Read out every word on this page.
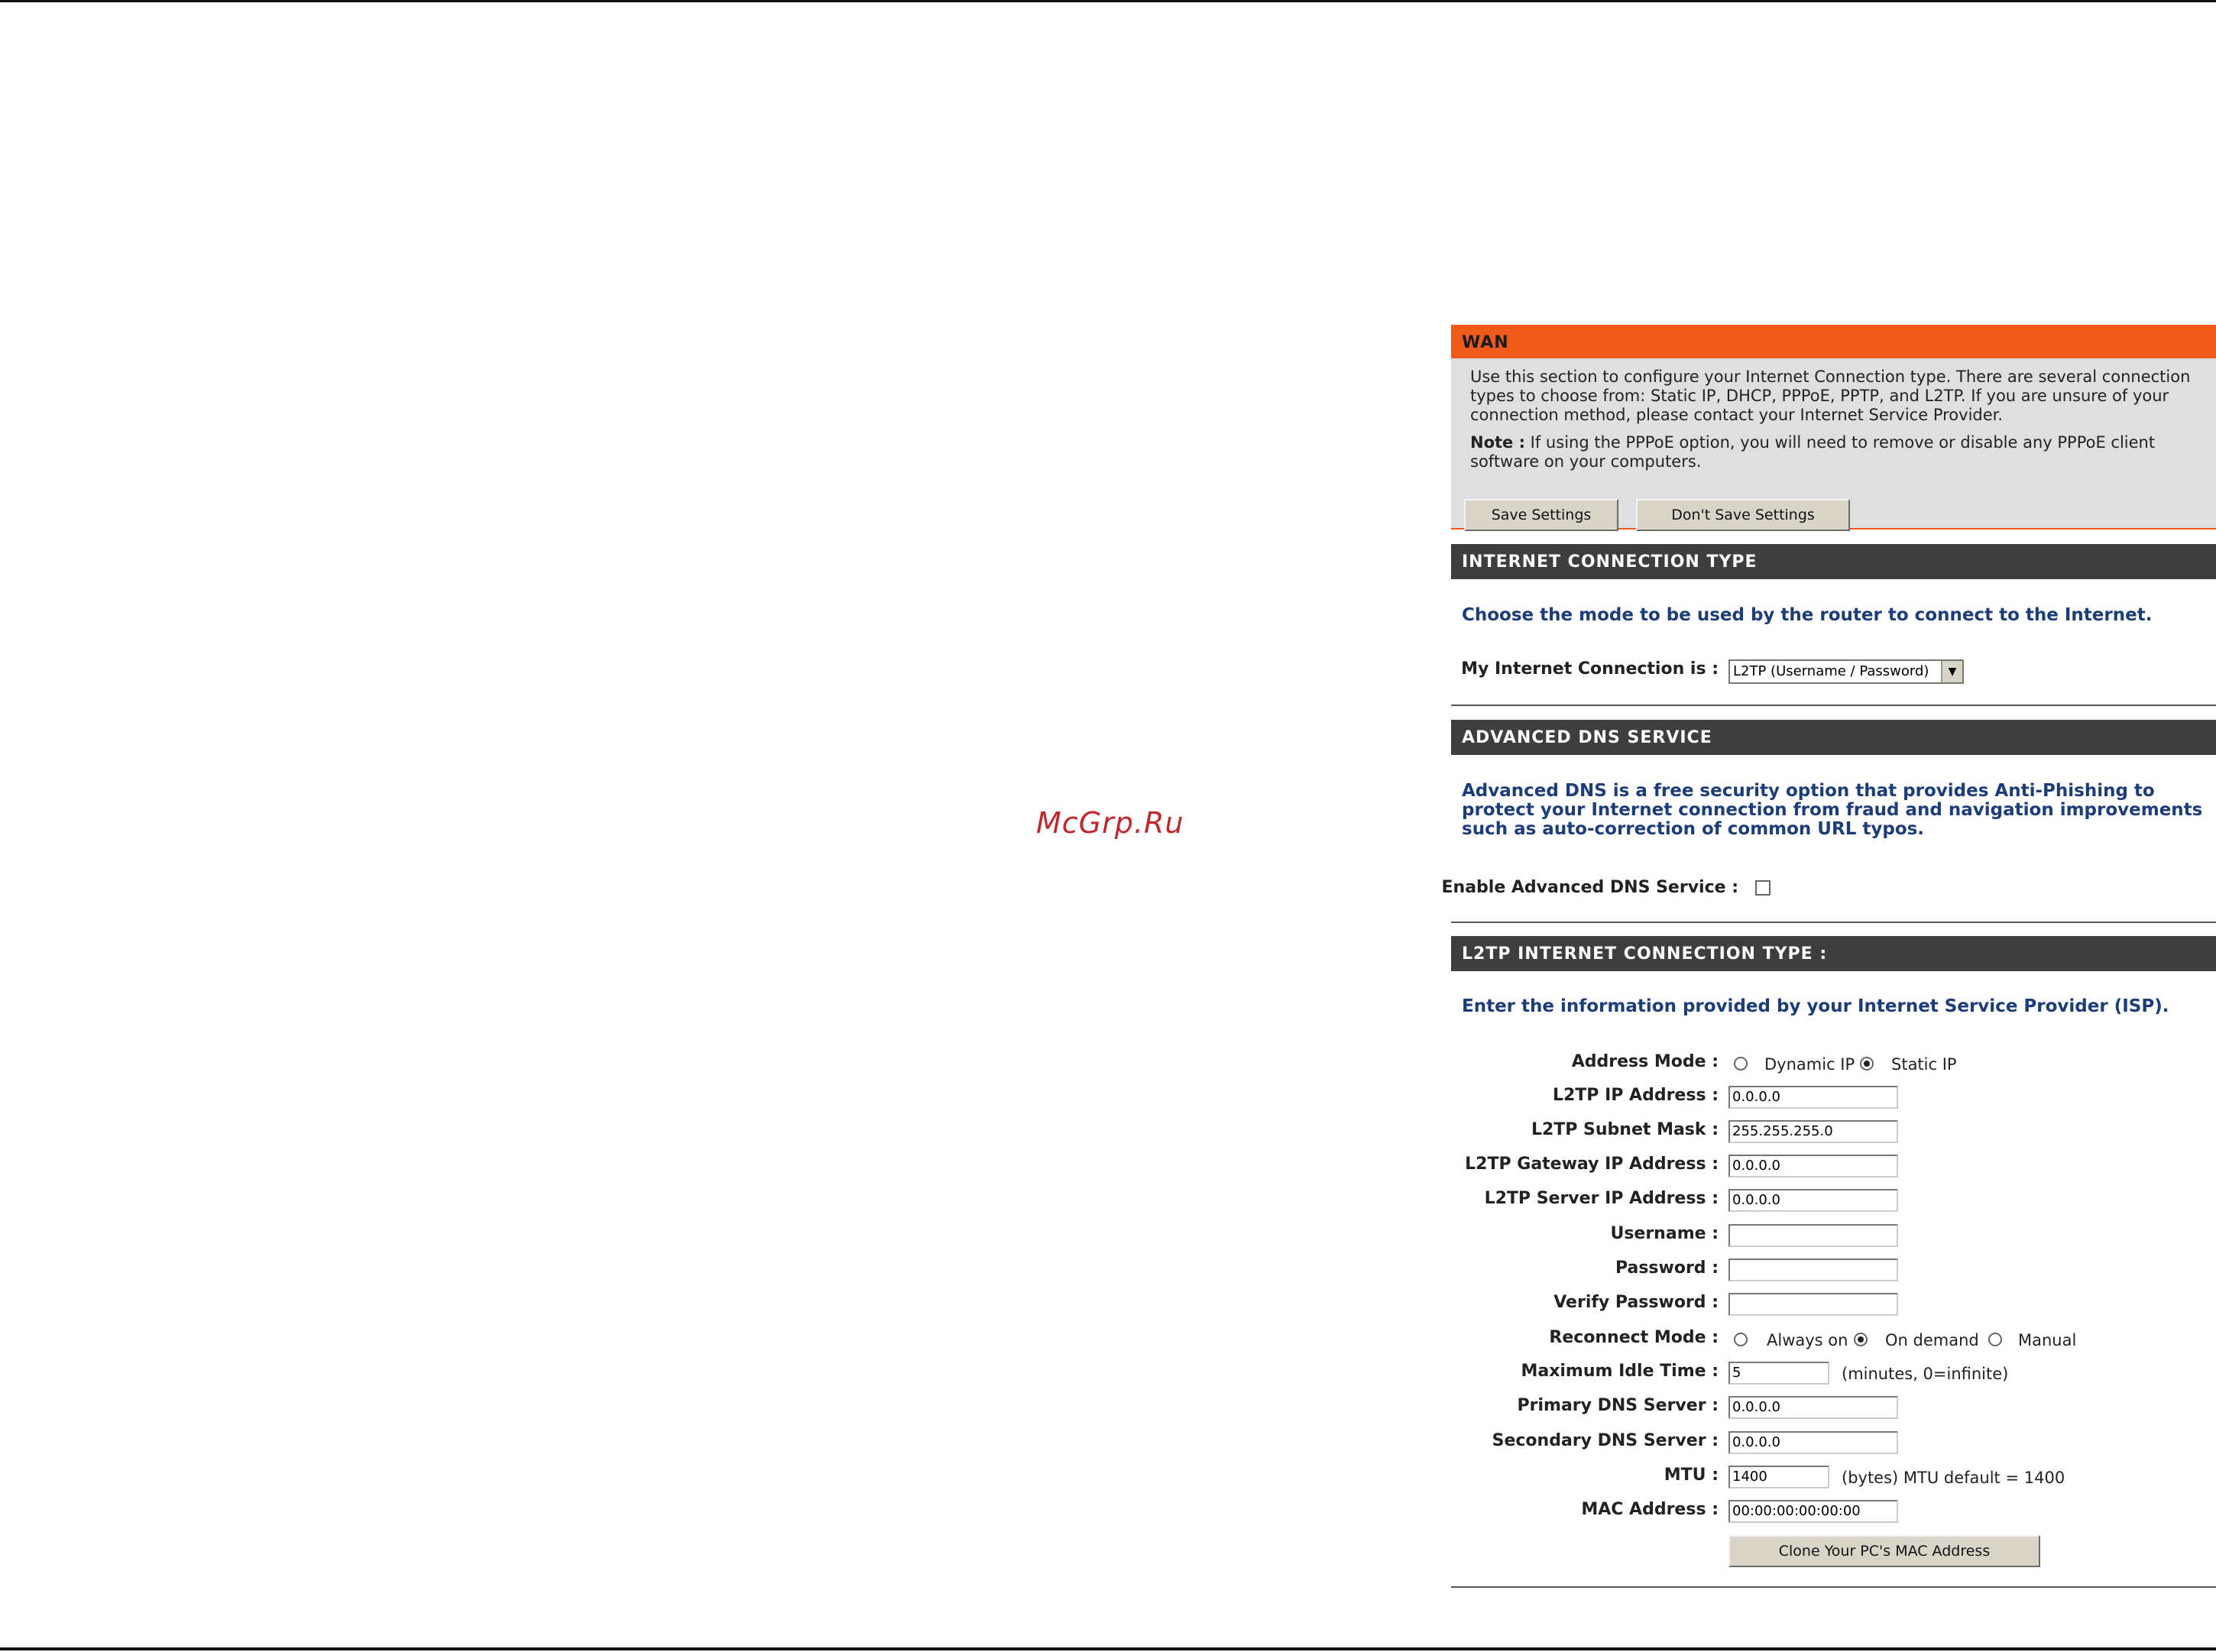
McGrp.Ru
WAN
Use this section to configure your Internet Connection type. There are several connection types to choose from: Static IP, DHCP, PPPoE, PPTP, and L2TP. If you are unsure of your connection method, please contact your Internet Service Provider.
Note : If using the PPPoE option, you will need to remove or disable any PPPoE client software on your computers.
Save Settings	Don't Save Settings
INTERNET CONNECTION TYPE
Choose the mode to be used by the router to connect to the Internet.
My Internet Connection is :	L2TP (Username / Password)	▼
ADVANCED DNS SERVICE
Advanced DNS is a free security option that provides Anti-Phishing to protect your Internet connection from fraud and navigation improvements such as auto-correction of common URL typos.
Enable Advanced DNS Service :
L2TP INTERNET CONNECTION TYPE :
Enter the information provided by your Internet Service Provider (ISP).
Address Mode :	Dynamic IP Static IP
L2TP IP Address : 0.0.0.0
L2TP Subnet Mask : 255.255.255.0
L2TP Gateway IP Address : 0.0.0.0
L2TP Server IP Address : 0.0.0.0
Username :
Password :
Verify Password :
Reconnect Mode :	Always on On demand Manual
Maximum Idle Time : 5	(minutes, 0=infinite)
Primary DNS Server : 0.0.0.0
Secondary DNS Server : 0.0.0.0
MTU : 1400	(bytes) MTU default = 1400
MAC Address : 00:00:00:00:00:00
Clone Your PC's MAC Address
